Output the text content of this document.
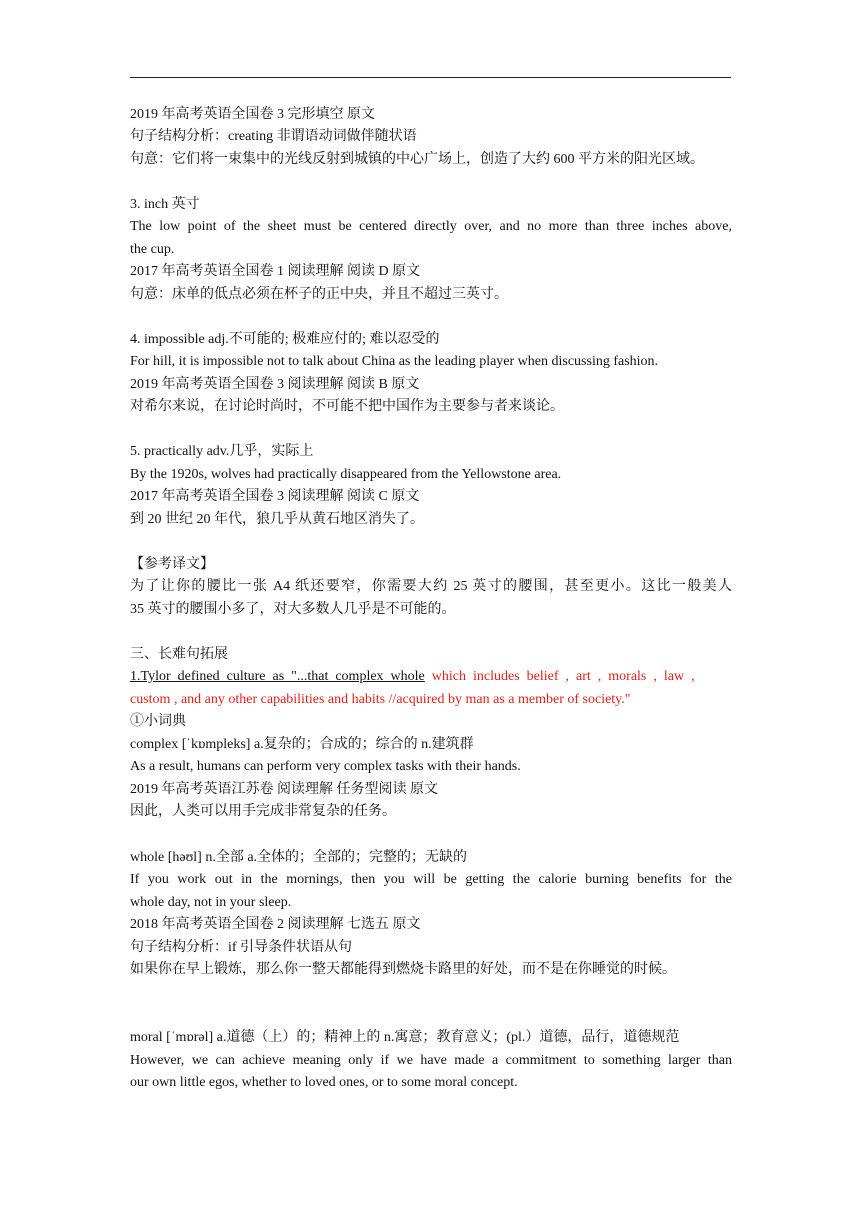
2019 年高考英语全国卷 3 完形填空 原文
句子结构分析：creating 非谓语动词做伴随状语
句意：它们将一束集中的光线反射到城镇的中心广场上，创造了大约 600 平方米的阳光区域。
3. inch 英寸
The low point of the sheet must be centered directly over, and no more than three inches above,
the cup.
2017 年高考英语全国卷 1 阅读理解 阅读 D 原文
句意：床单的低点必须在杯子的正中央，并且不超过三英寸。
4. impossible adj.不可能的; 极难应付的; 难以忍受的
For hill, it is impossible not to talk about China as the leading player when discussing fashion.
2019 年高考英语全国卷 3 阅读理解 阅读 B 原文
对希尔来说，在讨论时尚时，不可能不把中国作为主要参与者来谈论。
5. practically adv.几乎，实际上
By the 1920s, wolves had practically disappeared from the Yellowstone area.
2017 年高考英语全国卷 3 阅读理解 阅读 C 原文
到 20 世纪 20 年代，狼几乎从黄石地区消失了。
【参考译文】
为了让你的腰比一张 A4 纸还要窄，你需要大约 25 英寸的腰围，甚至更小。这比一般美人
35 英寸的腰围小多了，对大多数人几乎是不可能的。
三、长难句拓展
1.Tylor  defined  culture  as  "...that  complex  whole  which  includes  belief  ,  art  ,  morals  ,  law  ,
custom , and any other capabilities and habits //acquired by man as a member of society."
①小词典
complex [ˈkɒmpleks] a.复杂的；合成的；综合的 n.建筑群
As a result, humans can perform very complex tasks with their hands.
2019 年高考英语江苏卷 阅读理解 任务型阅读 原文
因此，人类可以用手完成非常复杂的任务。
whole [həʊl] n.全部 a.全体的；全部的；完整的；无缺的
If you work out in the mornings, then you will be getting the calorie burning benefits for the
whole day, not in your sleep.
2018 年高考英语全国卷 2 阅读理解 七选五 原文
句子结构分析：if 引导条件状语从句
如果你在早上锻炼，那么你一整天都能得到燃烧卡路里的好处，而不是在你睡觉的时候。
moral [ˈmɒrəl] a.道德（上）的；精神上的 n.寓意；教育意义；(pl.）道德，品行，道德规范
However, we can achieve meaning only if we have made a commitment to something larger than
our own little egos, whether to loved ones, or to some moral concept.
